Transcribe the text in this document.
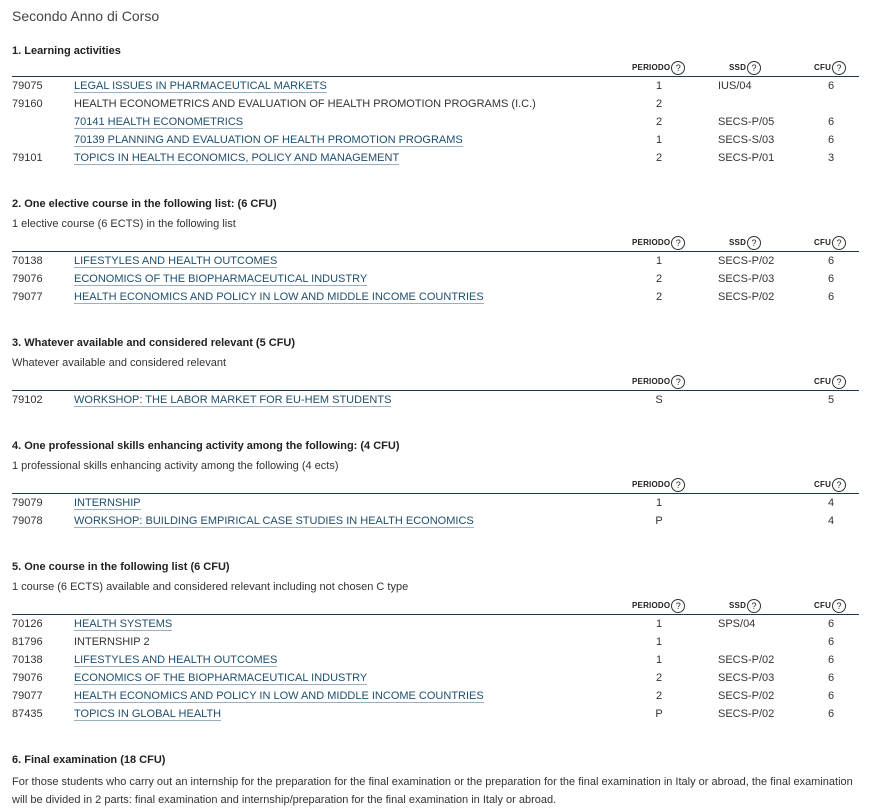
Secondo Anno di Corso
1. Learning activities
PERIODO ?	SSD ?	CFU ?
79075	LEGAL ISSUES IN PHARMACEUTICAL MARKETS	1	IUS/04	6
79160	HEALTH ECONOMETRICS AND EVALUATION OF HEALTH PROMOTION PROGRAMS (I.C.)	2
70141 HEALTH ECONOMETRICS	2	SECS-P/05	6
70139 PLANNING AND EVALUATION OF HEALTH PROMOTION PROGRAMS	1	SECS-S/03	6
79101	TOPICS IN HEALTH ECONOMICS, POLICY AND MANAGEMENT	2	SECS-P/01	3
2. One elective course in the following list: (6 CFU)
1 elective course (6 ECTS) in the following list
PERIODO ?	SSD ?	CFU ?
70138	LIFESTYLES AND HEALTH OUTCOMES	1	SECS-P/02	6
79076	ECONOMICS OF THE BIOPHARMACEUTICAL INDUSTRY	2	SECS-P/03	6
79077	HEALTH ECONOMICS AND POLICY IN LOW AND MIDDLE INCOME COUNTRIES	2	SECS-P/02	6
3. Whatever available and considered relevant (5 CFU)
Whatever available and considered relevant
PERIODO ?	CFU ?
79102	WORKSHOP: THE LABOR MARKET FOR EU-HEM STUDENTS	S	5
4. One professional skills enhancing activity among the following: (4 CFU)
1 professional skills enhancing activity among the following (4 ects)
PERIODO ?	CFU ?
79079	INTERNSHIP	1	4
79078	WORKSHOP: BUILDING EMPIRICAL CASE STUDIES IN HEALTH ECONOMICS	P	4
5. One course in the following list (6 CFU)
1 course (6 ECTS) available and considered relevant including not chosen C type
PERIODO ?	SSD ?	CFU ?
70126	HEALTH SYSTEMS	1	SPS/04	6
81796	INTERNSHIP 2	1	6
70138	LIFESTYLES AND HEALTH OUTCOMES	1	SECS-P/02	6
79076	ECONOMICS OF THE BIOPHARMACEUTICAL INDUSTRY	2	SECS-P/03	6
79077	HEALTH ECONOMICS AND POLICY IN LOW AND MIDDLE INCOME COUNTRIES	2	SECS-P/02	6
87435	TOPICS IN GLOBAL HEALTH	P	SECS-P/02	6
6. Final examination (18 CFU)
For those students who carry out an internship for the preparation for the final examination or the preparation for the final examination in Italy or abroad, the final examination will be divided in 2 parts: final examination and internship/preparation for the final examination in Italy or abroad.
